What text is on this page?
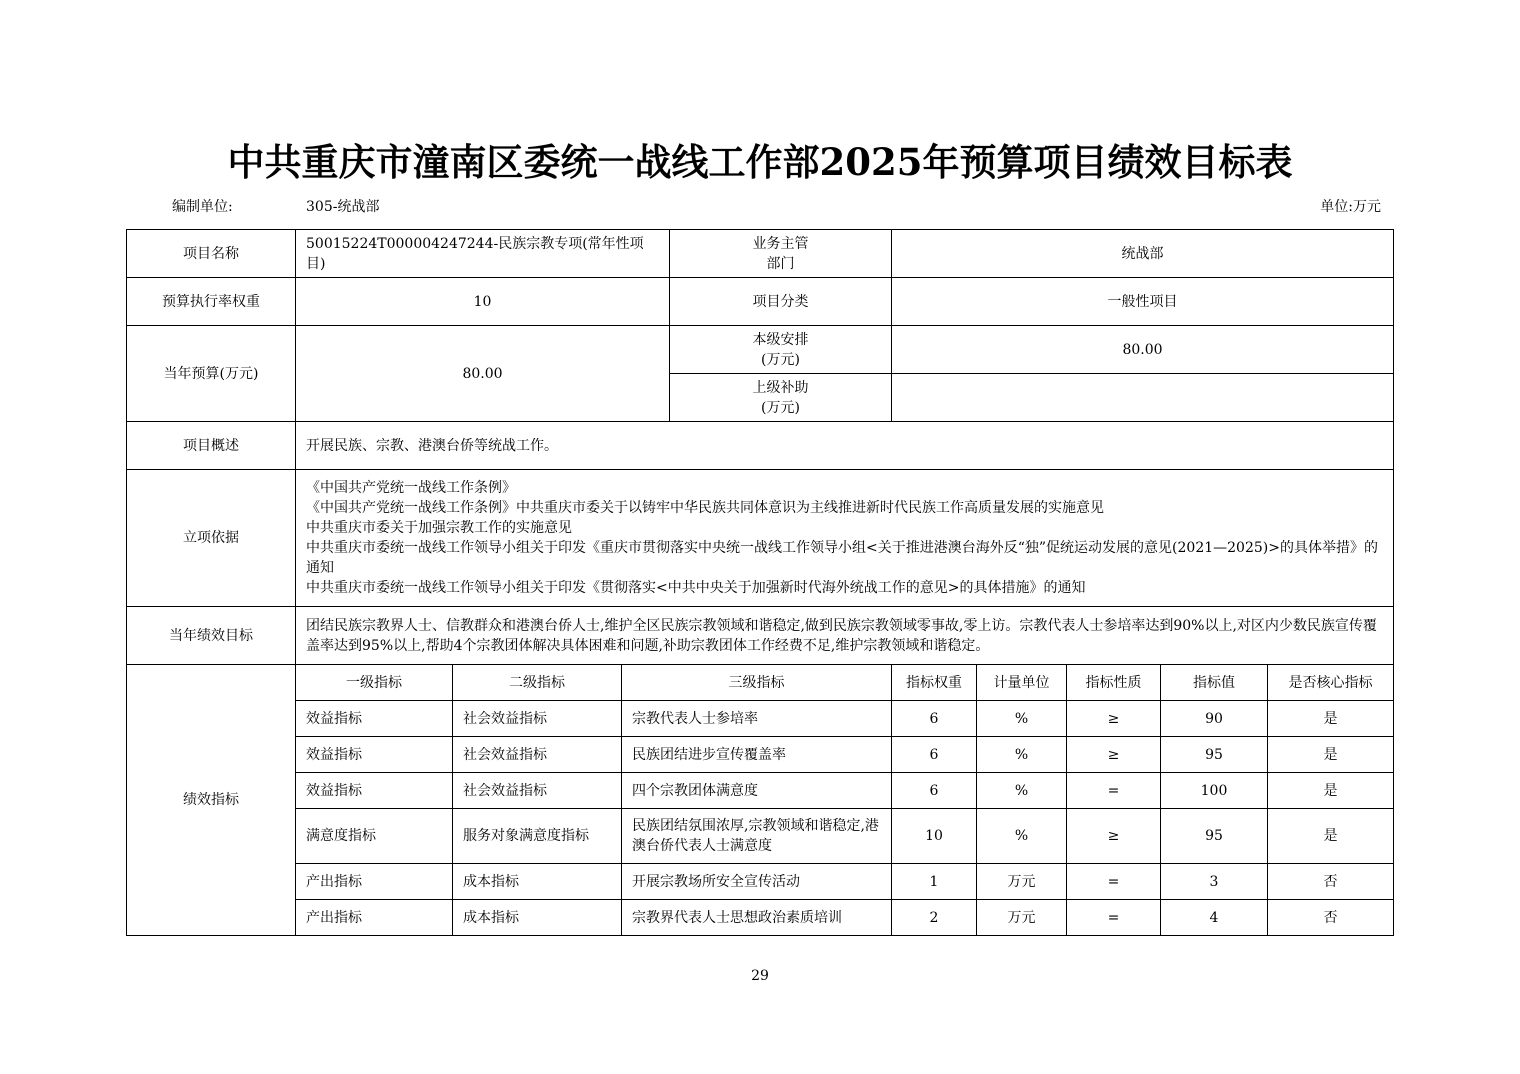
中共重庆市潼南区委统一战线工作部2025年预算项目绩效目标表
编制单位:	305-统战部	单位:万元
项目名称	50015224T000004247244-民族宗教专项(常年性项目)			业务主管部门	统战部				
预算执行率权重	10			项目分类	一般性项目				
当年预算(万元)	80.00			本级安排(万元)	80.00				
				上级补助(万元)					
项目概述	开展民族、宗教、港澳台侨等统战工作。								
立项依据	《中国共产党统一战线工作条例》
《中国共产党统一战线工作条例》中共重庆市委关于以铸牢中华民族共同体意识为主线推进新时代民族工作高质量发展的实施意见
中共重庆市委关于加强宗教工作的实施意见
中共重庆市委统一战线工作领导小组关于印发《重庆市贯彻落实中央统一战线工作领导小组<关于推进港澳台海外反“独”促统运动发展的意见(2021—2025)>的具体举措》的通知
中共重庆市委统一战线工作领导小组关于印发《贯彻落实<中共中央关于加强新时代海外统战工作的意见>的具体措施》的通知								

当年绩效目标	团结民族宗教界人士、信教群众和港澳台侨人士,维护全区民族宗教领域和谐稳定,做到民族宗教领域零事故,零上访。宗教代表人士参培率达到90%以上,对区内少数民族宣传覆盖率达到95%以上,帮助4个宗教团体解决具体困难和问题,补助宗教团体工作经费不足,维护宗教领域和谐稳定。								
绩效指标	一级指标	二级指标	三级指标		指标权重	计量单位	指标性质	指标值	是否核心指标
	效益指标	社会效益指标	宗教代表人士参培率		6	%	≥	90	是
	效益指标	社会效益指标	民族团结进步宣传覆盖率		6	%	≥	95	是
	效益指标	社会效益指标	四个宗教团体满意度		6	%	=	100	是
	满意度指标	服务对象满意度指标	民族团结氛围浓厚,宗教领域和谐稳定,港澳台侨代表人士满意度		10	%	≥	95	是
	产出指标	成本指标	开展宗教场所安全宣传活动		1	万元	=	3	否
	产出指标	成本指标	宗教界代表人士思想政治素质培训		2	万元	=	4	否
29
